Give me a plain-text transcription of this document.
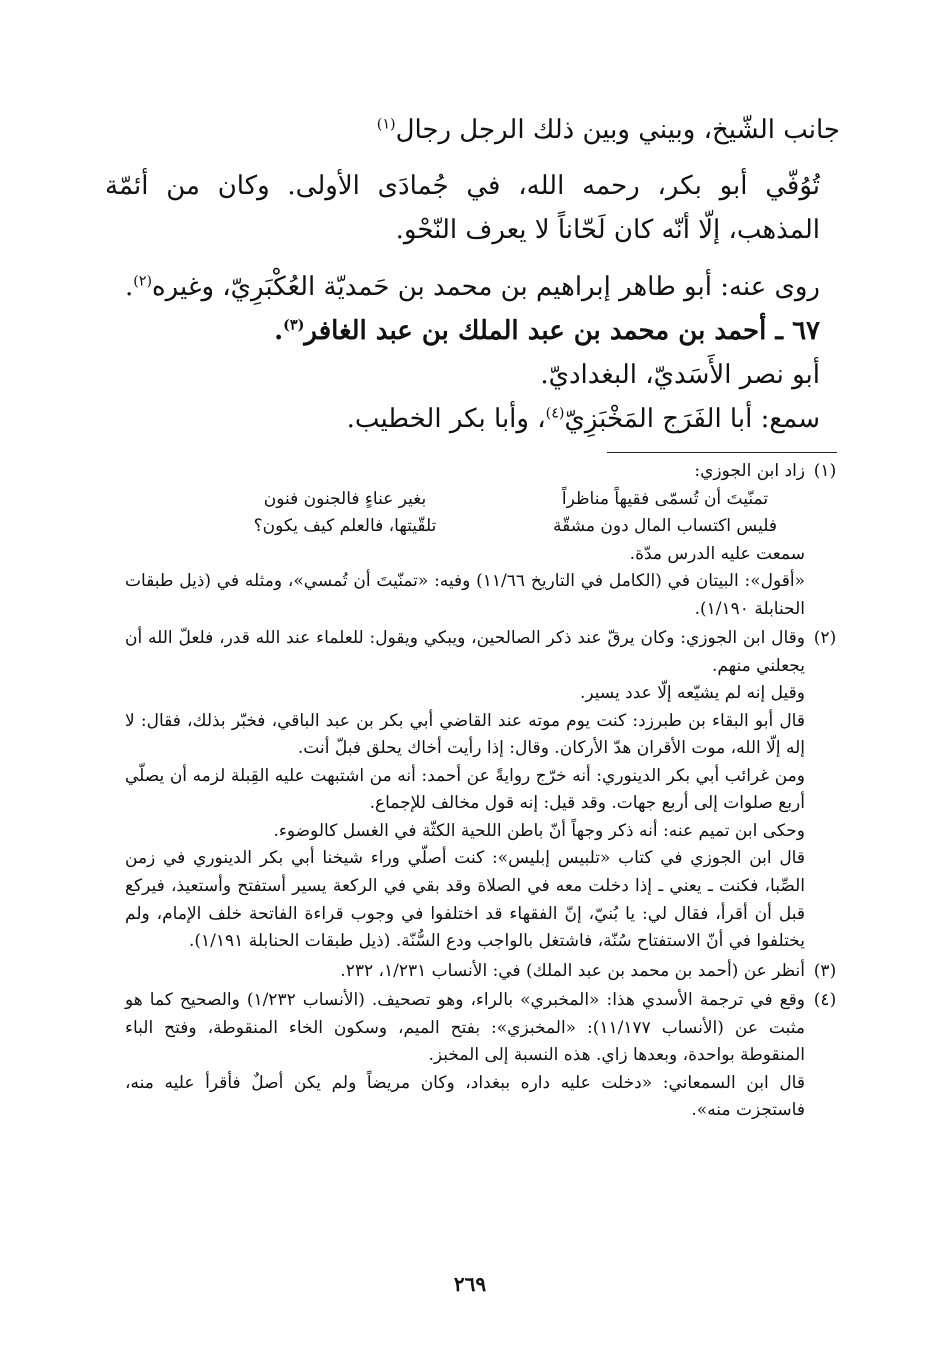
جانب الشّيخ، وبيني وبين ذلك الرجل رجال$^{(١)}$

تُوُفّي أبو بكر، رحمه الله، في جُمادَى الأولى. وكان من أئمّة المذهب، إلّا أنّه كان لَحّاناً لا يعرف النّحْو.

روى عنه: أبو طاهر إبراهيم بن محمد بن حَمديّة العُكْبَرِيّ، وغيره$^{(٢)}$.

٦٧ ـ أحمد بن محمد بن عبد الملك بن عبد الغافر$^{(٣)}$.

أبو نصر الأَسَديّ، البغداديّ.

سمع: أبا الفَرَج المَخْبَزِيّ$^{(٤)}$، وأبا بكر الخطيب.

(١)

زاد ابن الجوزي:

تمنّيتَ أن تُسمّى فقيهاً مناظراً
بغير عناءٍ فالجنون فنون
فليس اكتساب المال دون مشقّة
تلقّيتها، فالعلم كيف يكون؟

سمعت عليه الدرس مدّة.

«أقول»: البيتان في (الكامل في التاريخ ١١/٦٦) وفيه: «تمنّيتَ أن تُمسي»، ومثله في (ذيل طبقات الحنابلة ١/١٩٠).

(٢)

وقال ابن الجوزي: وكان يرقّ عند ذكر الصالحين، ويبكي ويقول: للعلماء عند الله قدر، فلعلّ الله أن يجعلني منهم.

وقيل إنه لم يشيّعه إلّا عدد يسير.

قال أبو البقاء بن طبرزد: كنت يوم موته عند القاضي أبي بكر بن عبد الباقي، فخبّر بذلك، فقال: لا إله إلّا الله، موت الأقران هدّ الأركان. وقال: إذا رأيت أخاك يحلق فبلّ أنت.

ومن غرائب أبي بكر الدينوري: أنه خرّج روايةً عن أحمد: أنه من اشتبهت عليه القِبلة لزمه أن يصلّي أربع صلوات إلى أربع جهات. وقد قيل: إنه قول مخالف للإجماع.

وحكى ابن تميم عنه: أنه ذكر وجهاً أنّ باطن اللحية الكثّة في الغسل كالوضوء.

قال ابن الجوزي في كتاب «تلبيس إبليس»: كنت أصلّي وراء شيخنا أبي بكر الدينوري في زمن الصِّبا، فكنت ـ يعني ـ إذا دخلت معه في الصلاة وقد بقي في الركعة يسير أستفتح وأستعيذ، فيركع قبل أن أقرأ، فقال لي: يا بُنيّ، إنّ الفقهاء قد اختلفوا في وجوب قراءة الفاتحة خلف الإمام، ولم يختلفوا في أنّ الاستفتاح سُنّة، فاشتغل بالواجب ودع السُّنّة. (ذيل طبقات الحنابلة ١/١٩١).

(٣)

أنظر عن (أحمد بن محمد بن عبد الملك) في: الأنساب ١/٢٣١، ٢٣٢.

(٤)

وقع في ترجمة الأسدي هذا: «المخبري» بالراء، وهو تصحيف. (الأنساب ١/٢٣٢) والصحيح كما هو مثبت عن (الأنساب ١١/١٧٧): «المخبزي»: بفتح الميم، وسكون الخاء المنقوطة، وفتح الباء المنقوطة بواحدة، وبعدها زاي. هذه النسبة إلى المخبز.

قال ابن السمعاني: «دخلت عليه داره ببغداد، وكان مريضاً ولم يكن أصلٌ فأقرأ عليه منه، فاستجزت منه».

٢٦٩
